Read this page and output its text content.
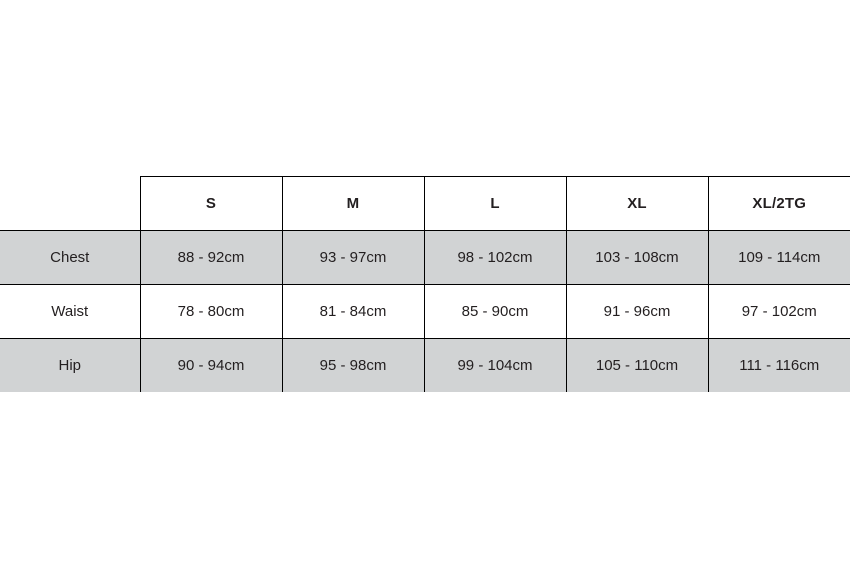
	S	M	L	XL	XL/2TG
Chest	88 - 92cm	93 - 97cm	98 - 102cm	103 - 108cm	109 - 114cm
Waist	78 - 80cm	81 - 84cm	85 - 90cm	91 - 96cm	97 - 102cm
Hip	90 - 94cm	95 - 98cm	99 - 104cm	105 - 110cm	111 - 116cm
